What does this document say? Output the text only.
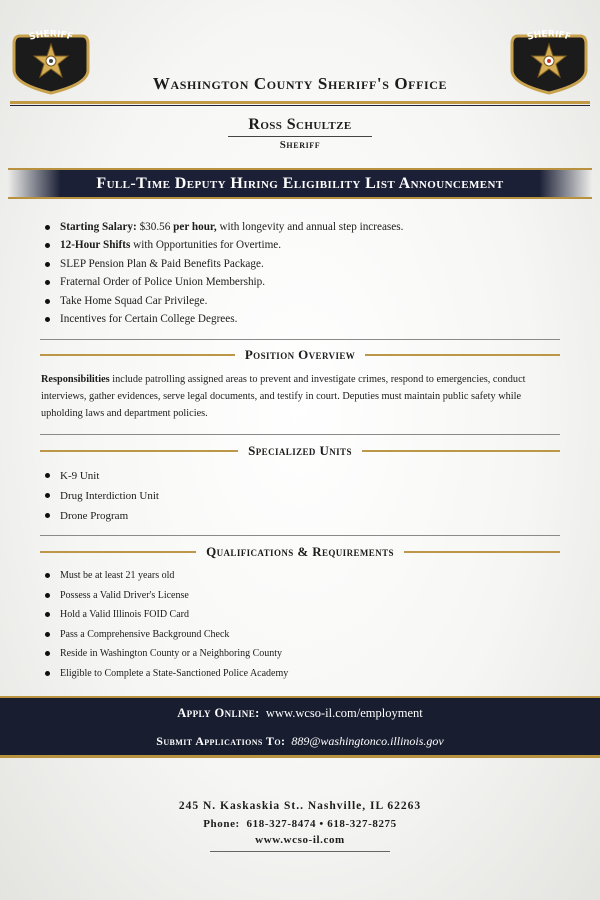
SHERIFF	SHERIFF
Washington County Sheriff's Office
Ross Schultze
Sheriff
Full-Time Deputy Hiring Eligibility List Announcement
Starting Salary: $30.56 per hour, with longevity and annual step increases.
12-Hour Shifts with Opportunities for Overtime.
SLEP Pension Plan & Paid Benefits Package.
Fraternal Order of Police Union Membership.
Take Home Squad Car Privilege.
Incentives for Certain College Degrees.
Position Overview
Responsibilities include patrolling assigned areas to prevent and investigate crimes, respond to emergencies, conduct interviews, gather evidences, serve legal documents, and testify in court. Deputies must maintain public safety while upholding laws and department policies.
Specialized Units
K-9 Unit
Drug Interdiction Unit
Drone Program
Qualifications & Requirements
Must be at least 21 years old
Possess a Valid Driver's License
Hold a Valid Illinois FOID Card
Pass a Comprehensive Background Check
Reside in Washington County or a Neighboring County
Eligible to Complete a State-Sanctioned Police Academy
Apply Online: www.wcso-il.com/employment
Submit Applications To: 889@washingtonco.illinois.gov
245 N. Kaskaskia St.. Nashville, IL 62263
Phone: 618-327-8474 • 618-327-8275
www.wcso-il.com
